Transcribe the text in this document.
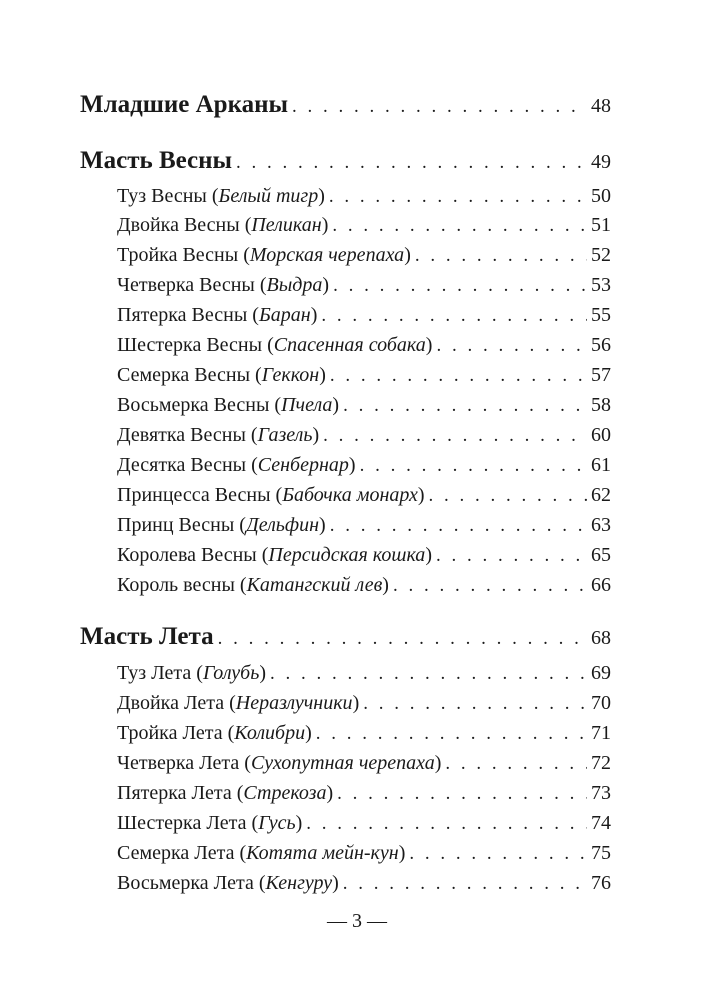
Младшие Арканы . . .	48
Масть Весны . . .	49
Туз Весны (Белый тигр) . . .	50
Двойка Весны (Пеликан) . . .	51
Тройка Весны (Морская черепаха) . . .	52
Четверка Весны (Выдра) . . .	53
Пятерка Весны (Баран) . . .	55
Шестерка Весны (Спасенная собака) . . .	56
Семерка Весны (Геккон) . . .	57
Восьмерка Весны (Пчела) . . .	58
Девятка Весны (Газель) . . .	60
Десятка Весны (Сенбернар) . . .	61
Принцесса Весны (Бабочка монарх) . . .	62
Принц Весны (Дельфин) . . .	63
Королева Весны (Персидская кошка) . . .	65
Король весны (Катангский лев) . . .	66
Масть Лета . . .	68
Туз Лета (Голубь) . . .	69
Двойка Лета (Неразлучники) . . .	70
Тройка Лета (Колибри) . . .	71
Четверка Лета (Сухопутная черепаха) . . .	72
Пятерка Лета (Стрекоза) . . .	73
Шестерка Лета (Гусь) . . .	74
Семерка Лета (Котята мейн-кун) . . .	75
Восьмерка Лета (Кенгуру) . . .	76
— 3 —
